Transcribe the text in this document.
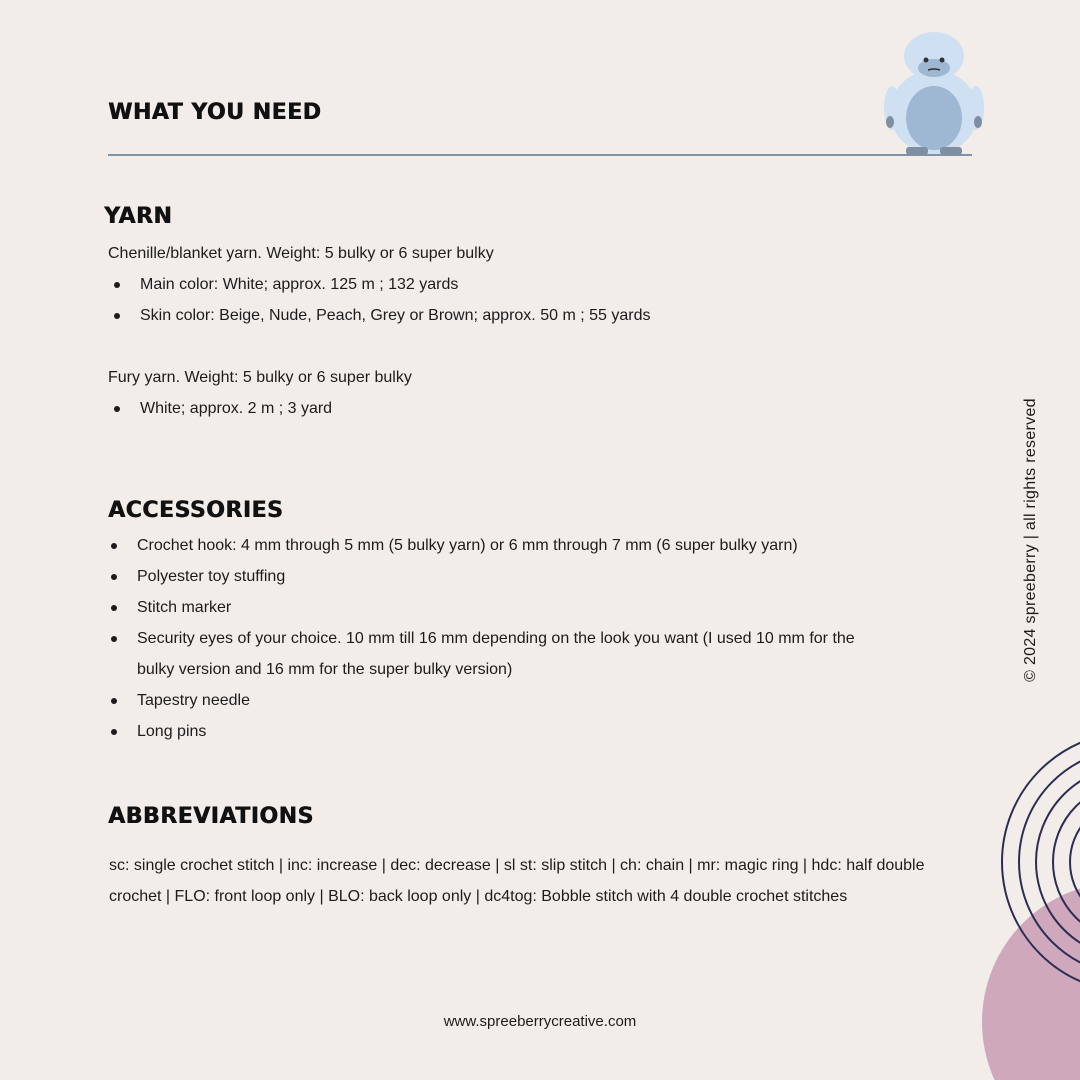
WHAT YOU NEED
YARN

Chenille/blanket yarn. Weight: 5 bulky or 6 super bulky

Main color: White; approx. 125 m ; 132 yards
Skin color: Beige, Nude, Peach, Grey or Brown; approx. 50 m ; 55 yards

Fury yarn. Weight: 5 bulky or 6 super bulky

White; approx. 2 m ; 3 yard
ACCESSORIES
Crochet hook: 4 mm through 5 mm (5 bulky yarn) or 6 mm through 7 mm (6 super bulky yarn)
Polyester toy stuffing
Stitch marker
Security eyes of your choice. 10 mm till 16 mm depending on the look you want (I used 10 mm for the bulky version and 16 mm for the super bulky version)
Tapestry needle
Long pins
ABBREVIATIONS

sc: single crochet stitch | inc: increase | dec: decrease | sl st: slip stitch | ch: chain | mr: magic ring | hdc: half double crochet | FLO: front loop only | BLO: back loop only | dc4tog: Bobble stitch with 4 double crochet stitches

www.spreeberrycreative.com

© 2024 spreeberry | all rights reserved
